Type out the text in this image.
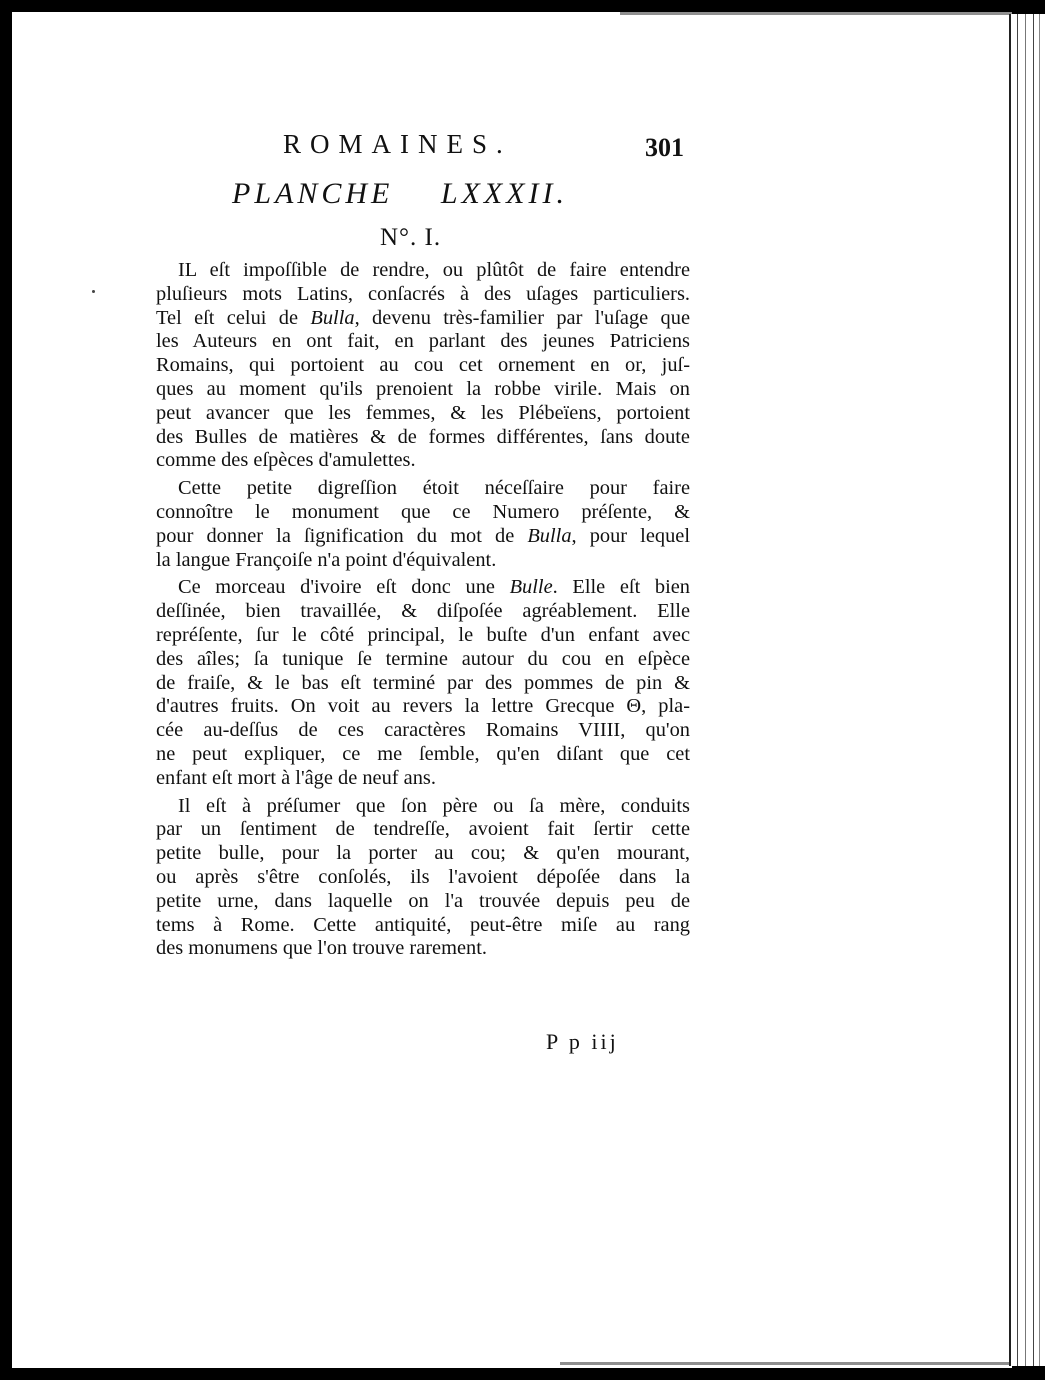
ROMAINES.	301
PLANCHE LXXXII.
N°. I.
IL eſt impoſſible de rendre, ou plûtôt de faire entendre
pluſieurs mots Latins, conſacrés à des uſages particuliers.
Tel eſt celui de Bulla, devenu très-familier par l'uſage que
les Auteurs en ont fait, en parlant des jeunes Patriciens
Romains, qui portoient au cou cet ornement en or, juſ-
ques au moment qu'ils prenoient la robbe virile. Mais on
peut avancer que les femmes, & les Plébeïens, portoient
des Bulles de matières & de formes différentes, ſans doute
comme des eſpèces d'amulettes.
Cette petite digreſſion étoit néceſſaire pour faire
connoître le monument que ce Numero préſente, &
pour donner la ſignification du mot de Bulla, pour lequel
la langue Françoiſe n'a point d'équivalent.
Ce morceau d'ivoire eſt donc une Bulle. Elle eſt bien
deſſinée, bien travaillée, & diſpoſée agréablement. Elle
repréſente, ſur le côté principal, le buſte d'un enfant avec
des aîles; ſa tunique ſe termine autour du cou en eſpèce
de fraiſe, & le bas eſt terminé par des pommes de pin &
d'autres fruits. On voit au revers la lettre Grecque Θ, pla-
cée au-deſſus de ces caractères Romains VIIII, qu'on
ne peut expliquer, ce me ſemble, qu'en diſant que cet
enfant eſt mort à l'âge de neuf ans.
Il eſt à préſumer que ſon père ou ſa mère, conduits
par un ſentiment de tendreſſe, avoient fait ſertir cette
petite bulle, pour la porter au cou; & qu'en mourant,
ou après s'être conſolés, ils l'avoient dépoſée dans la
petite urne, dans laquelle on l'a trouvée depuis peu de
tems à Rome. Cette antiquité, peut-être miſe au rang
des monumens que l'on trouve rarement.
P p iij
